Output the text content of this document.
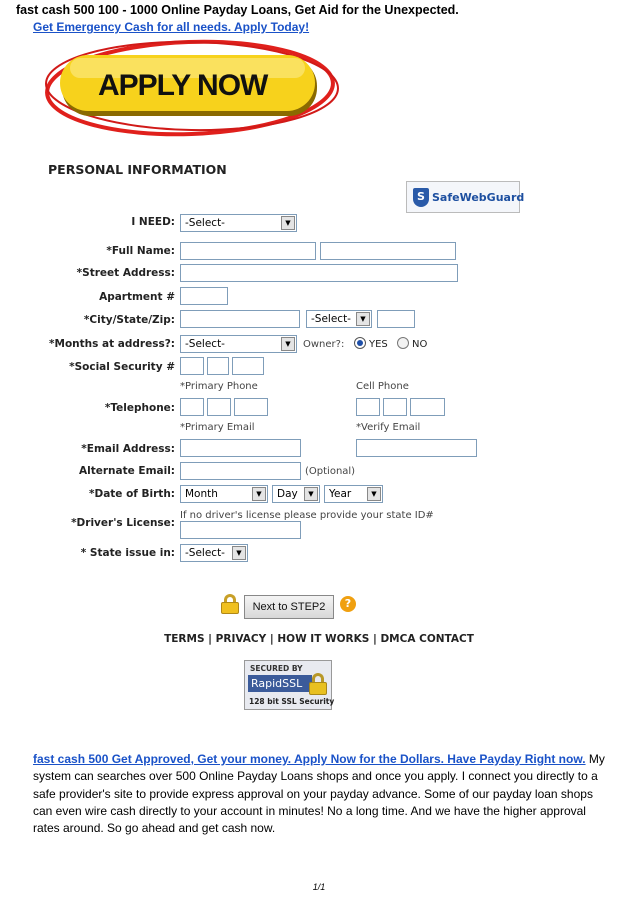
fast cash 500 100 - 1000 Online Payday Loans, Get Aid for the Unexpected.
Get Emergency Cash for all needs. Apply Today!
APPLY NOW
PERSONAL INFORMATION
S SafeWebGuard
I NEED: -Select-	▼
*Full Name:
*Street Address:
Apartment #
*City/State/Zip:	-Select-	▼
*Months at address?: -Select-	▼	Owner?: YES NO
*Social Security #
*Primary Phone	Cell Phone
*Telephone:
*Primary Email	*Verify Email
*Email Address:
Alternate Email:	(Optional)
*Date of Birth: Month	▼	Day	▼	Year	▼
If no driver's license please provide your state ID#
*Driver's License:
* State issue in: -Select-	▼
Next to STEP2	?
TERMS | PRIVACY | HOW IT WORKS | DMCA CONTACT
SECURED BY
RapidSSL
128 bit SSL Security
fast cash 500 Get Approved, Get your money. Apply Now for the Dollars. Have Payday Right now. My system can searches over 500 Online Payday Loans shops and once you apply. I connect you directly to a safe provider's site to provide express approval on your payday advance. Some of our payday loan shops can even wire cash directly to your account in minutes! No a long time. And we have the higher approval rates around. So go ahead and get cash now.
1/1
